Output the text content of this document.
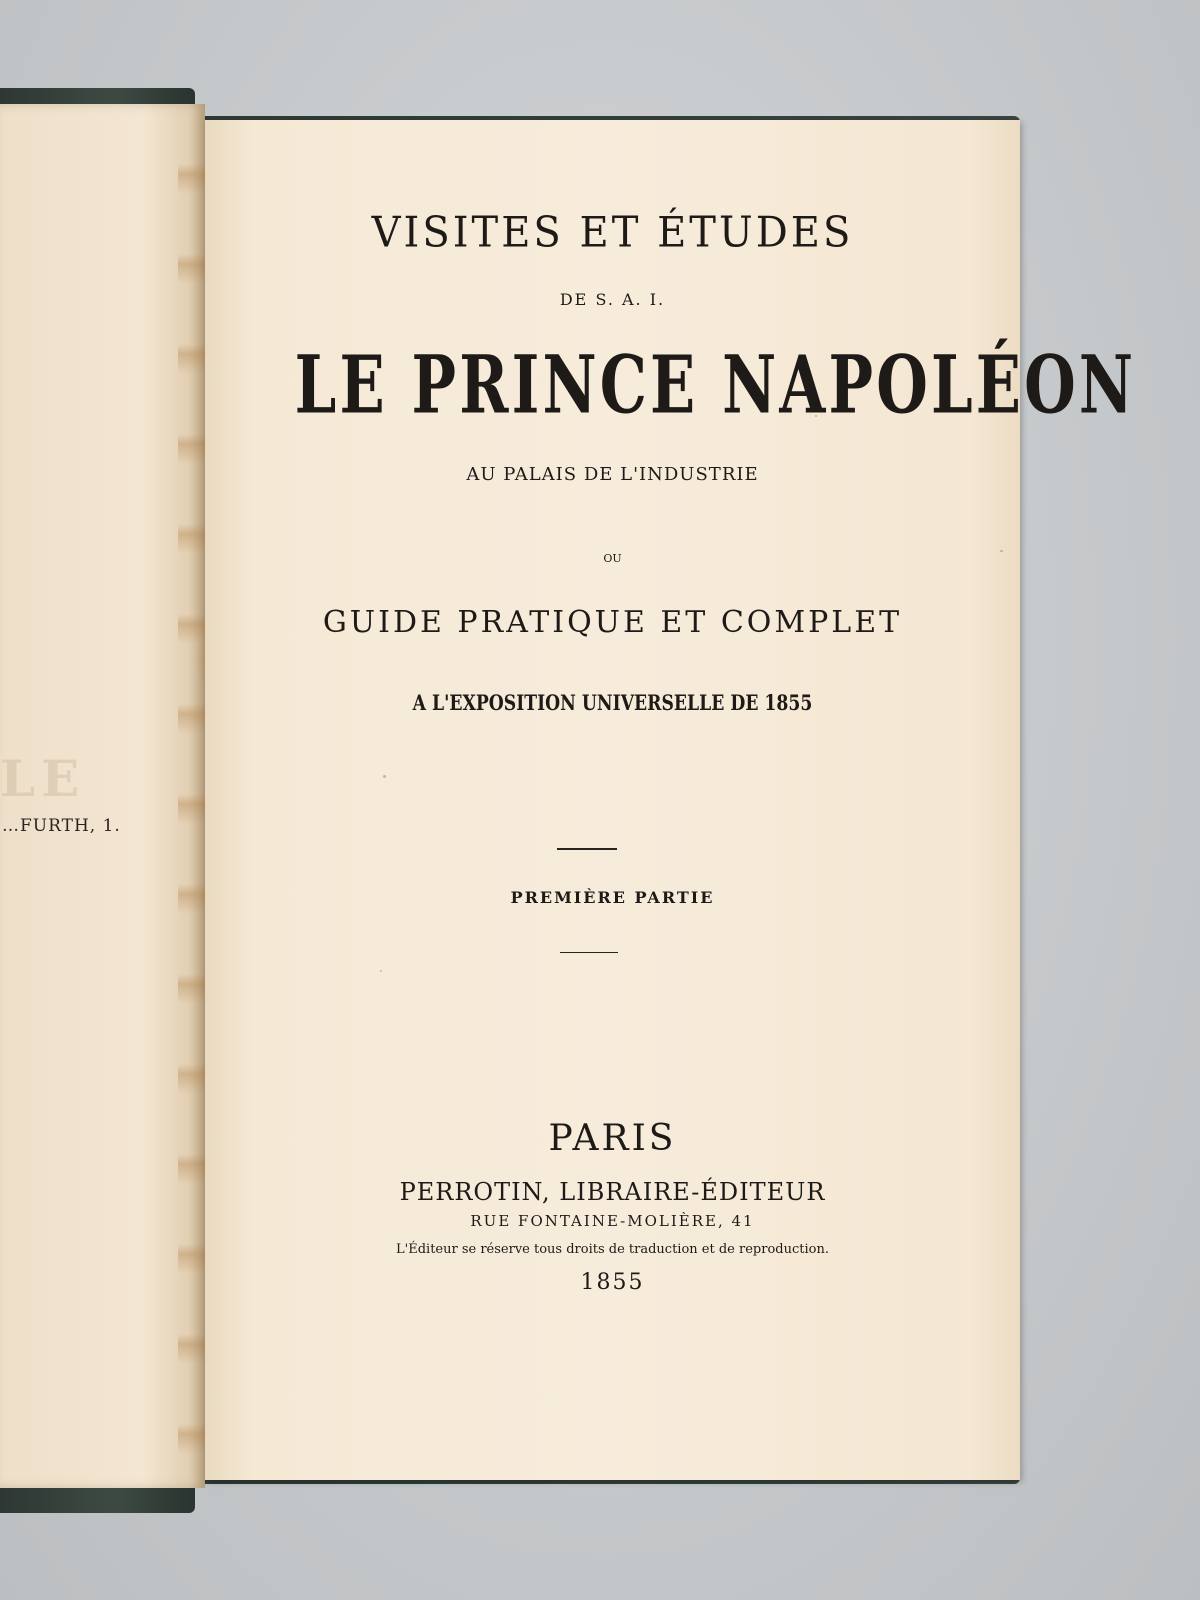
LE
…FURTH, 1.
VISITES ET ÉTUDES
DE S. A. I.
LE PRINCE NAPOLÉON
AU PALAIS DE L'INDUSTRIE
OU
GUIDE PRATIQUE ET COMPLET
A L'EXPOSITION UNIVERSELLE DE 1855
PREMIÈRE PARTIE
PARIS
PERROTIN, LIBRAIRE-ÉDITEUR
RUE FONTAINE-MOLIÈRE, 41
L'Éditeur se réserve tous droits de traduction et de reproduction.
1855
